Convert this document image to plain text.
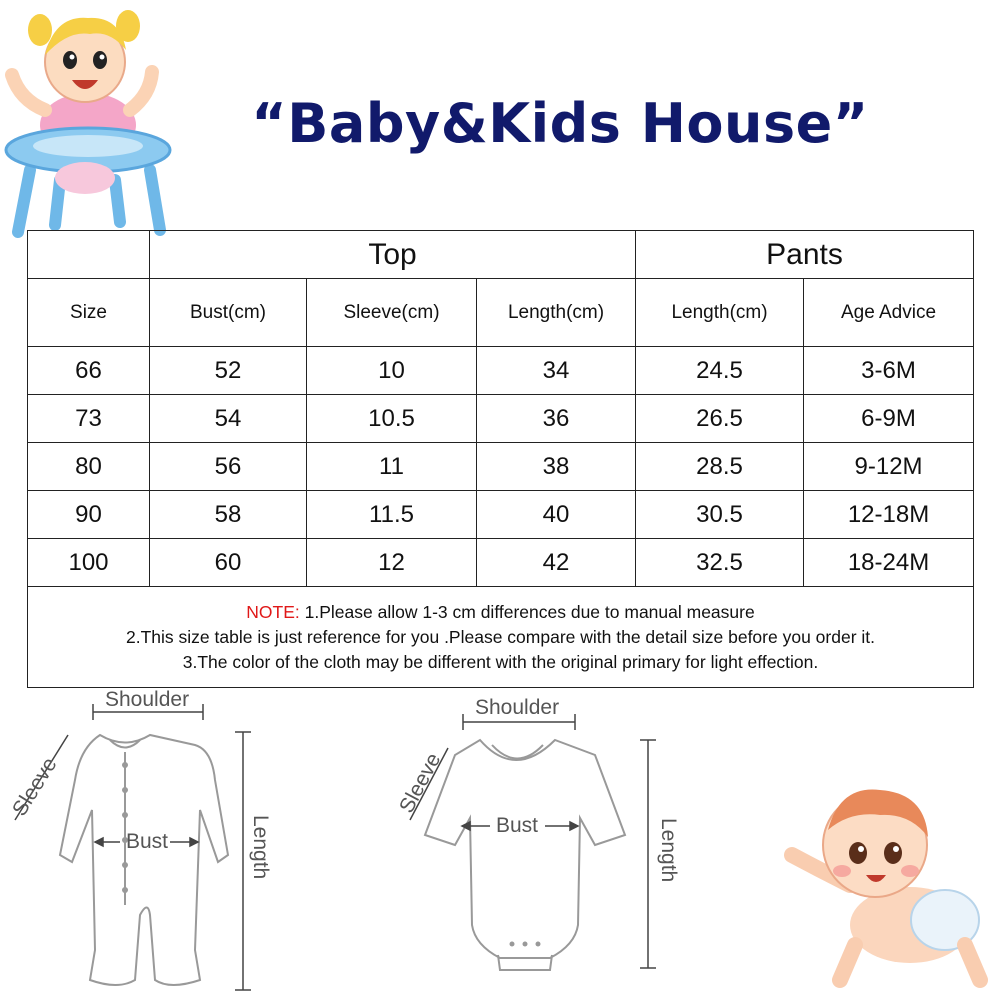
“Baby&Kids House”
	Top			Pants	
Size	Bust(cm)	Sleeve(cm)	Length(cm)	Length(cm)	Age Advice
66	52	10	34	24.5	3-6M
73	54	10.5	36	26.5	6-9M
80	56	11	38	28.5	9-12M
90	58	11.5	40	30.5	12-18M
100	60	12	42	32.5	18-24M

NOTE: 1.Please allow 1-3 cm differences due to manual measure
2.This size table is just reference for you .Please compare with the detail size before you order it.
3.The color of the cloth may be different with the original primary for light effection.					
Shoulder
Sleeve
Bust	Length
Shoulder
Sleeve
Bust	Length
